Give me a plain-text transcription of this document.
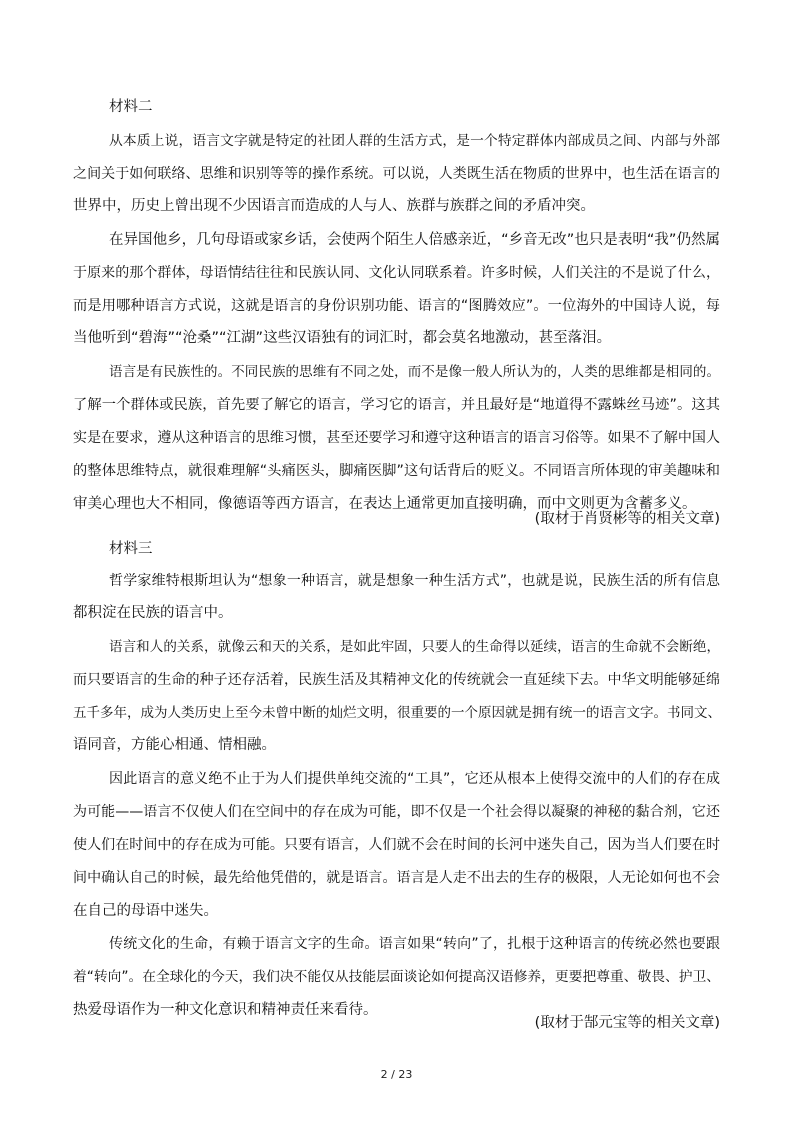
材料二
从本质上说，语言文字就是特定的社团人群的生活方式，是一个特定群体内部成员之间、内部与外部
之间关于如何联络、思维和识别等等的操作系统。可以说，人类既生活在物质的世界中，也生活在语言的
世界中，历史上曾出现不少因语言而造成的人与人、族群与族群之间的矛盾冲突。
在异国他乡，几句母语或家乡话，会使两个陌生人倍感亲近，“乡音无改”也只是表明“我”仍然属
于原来的那个群体，母语情结往往和民族认同、文化认同联系着。许多时候，人们关注的不是说了什么，
而是用哪种语言方式说，这就是语言的身份识别功能、语言的“图腾效应”。一位海外的中国诗人说，每
当他听到“碧海”“沧桑”“江湖”这些汉语独有的词汇时，都会莫名地激动，甚至落泪。
语言是有民族性的。不同民族的思维有不同之处，而不是像一般人所认为的，人类的思维都是相同的。
了解一个群体或民族，首先要了解它的语言，学习它的语言，并且最好是“地道得不露蛛丝马迹”。这其
实是在要求，遵从这种语言的思维习惯，甚至还要学习和遵守这种语言的语言习俗等。如果不了解中国人
的整体思维特点，就很难理解“头痛医头，脚痛医脚”这句话背后的贬义。不同语言所体现的审美趣味和
审美心理也大不相同，像德语等西方语言，在表达上通常更加直接明确，而中文则更为含蓄多义。
(取材于肖贤彬等的相关文章)
材料三
哲学家维特根斯坦认为“想象一种语言，就是想象一种生活方式”，也就是说，民族生活的所有信息
都积淀在民族的语言中。
语言和人的关系，就像云和天的关系，是如此牢固，只要人的生命得以延续，语言的生命就不会断绝，
而只要语言的生命的种子还存活着，民族生活及其精神文化的传统就会一直延续下去。中华文明能够延绵
五千多年，成为人类历史上至今未曾中断的灿烂文明，很重要的一个原因就是拥有统一的语言文字。书同文、
语同音，方能心相通、情相融。
因此语言的意义绝不止于为人们提供单纯交流的“工具”，它还从根本上使得交流中的人们的存在成
为可能——语言不仅使人们在空间中的存在成为可能，即不仅是一个社会得以凝聚的神秘的黏合剂，它还
使人们在时间中的存在成为可能。只要有语言，人们就不会在时间的长河中迷失自己，因为当人们要在时
间中确认自己的时候，最先给他凭借的，就是语言。语言是人走不出去的生存的极限，人无论如何也不会
在自己的母语中迷失。
传统文化的生命，有赖于语言文字的生命。语言如果“转向”了，扎根于这种语言的传统必然也要跟
着“转向”。在全球化的今天，我们决不能仅从技能层面谈论如何提高汉语修养，更要把尊重、敬畏、护卫、
热爱母语作为一种文化意识和精神责任来看待。
(取材于郜元宝等的相关文章)
2 / 23
